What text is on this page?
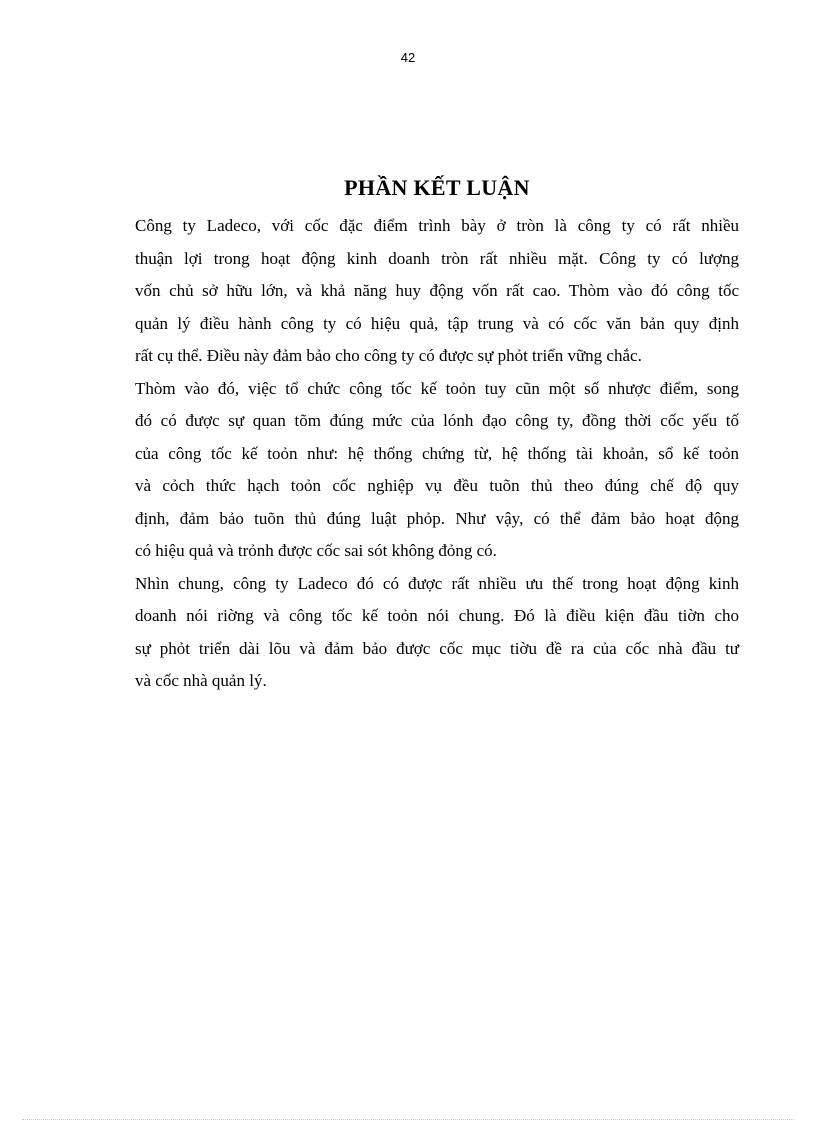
42
PHẦN KẾT LUẬN
Công ty Ladeco, với cốc đặc điểm trình bày ở tròn là công ty có rất nhiều
thuận lợi trong hoạt động kinh doanh tròn rất nhiều mặt. Công ty có lượng
vốn chủ sở hữu lớn, và khả năng huy động vốn rất cao. Thòm vào đó công tốc
quản lý điều hành công ty có hiệu quả, tập trung và có cốc văn bản quy định
rất cụ thể. Điều này đảm bảo cho công ty có được sự phỏt triển vững chắc.
Thòm vào đó, việc tổ chức công tốc kế toỏn tuy cũn một số nhược điểm, song
đó có được sự quan tõm đúng mức của lónh đạo công ty, đồng thời cốc yếu tố
của công tốc kế toỏn như: hệ thống chứng từ, hệ thống tài khoản, sổ kế toỏn
và cỏch thức hạch toỏn cốc nghiệp vụ đều tuõn thủ theo đúng chế độ quy
định, đảm bảo tuõn thủ đúng luật phỏp. Như vậy, có thể đảm bảo hoạt động
có hiệu quả và trỏnh được cốc sai sót không đỏng có.
Nhìn chung, công ty Ladeco đó có được rất nhiều ưu thế trong hoạt động kinh
doanh nói riờng và công tốc kế toỏn nói chung. Đó là điều kiện đầu tiờn cho
sự phỏt triển dài lõu và đảm bảo được cốc mục tiờu đề ra của cốc nhà đầu tư
và cốc nhà quản lý.
